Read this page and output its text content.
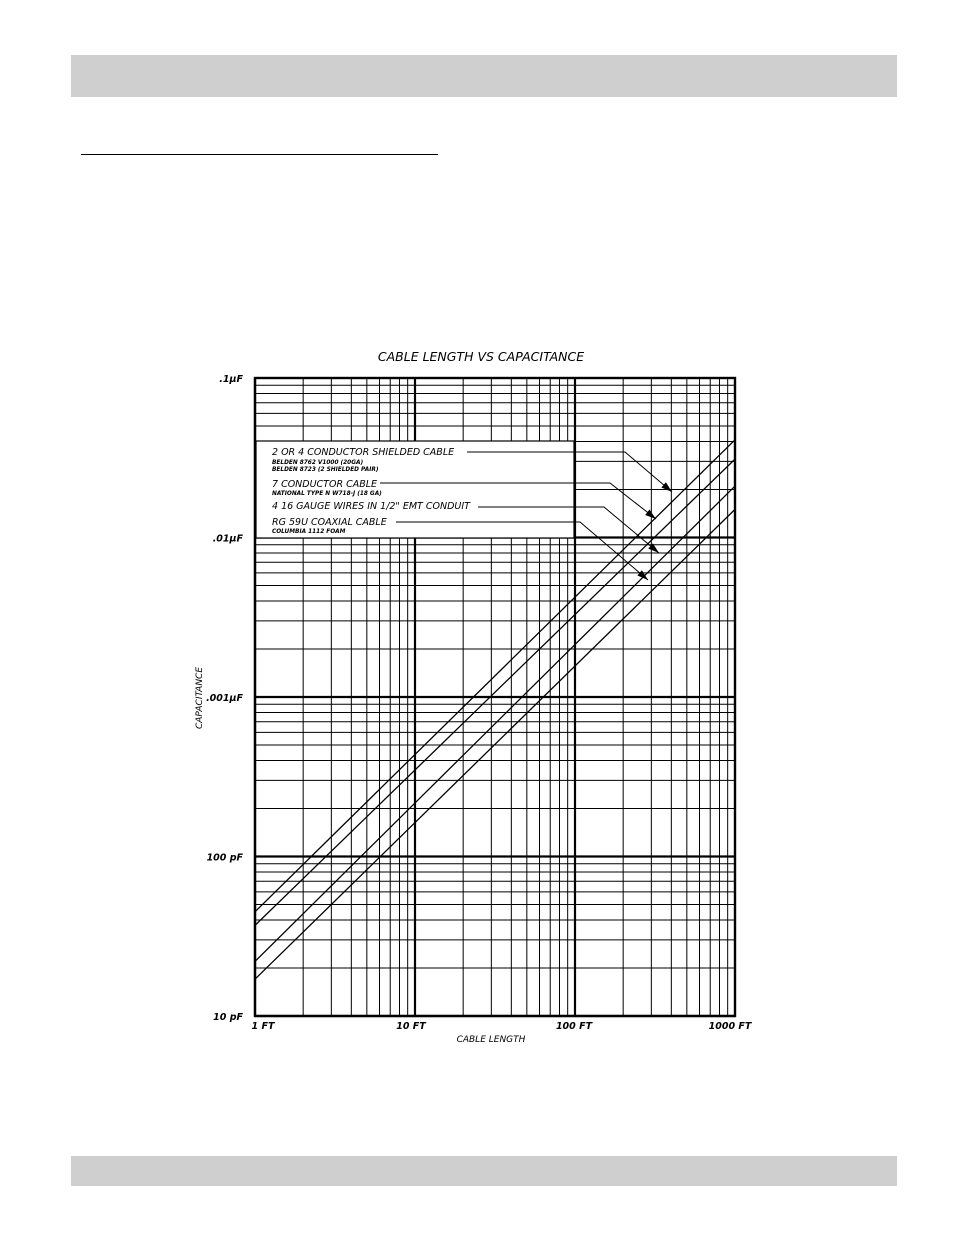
2 OR 4 CONDUCTOR SHIELDED CABLE
BELDEN 8762 V1000 (20GA)
BELDEN 8723 (2 SHIELDED PAIR)
7 CONDUCTOR CABLE
NATIONAL TYPE N W718-J (18 GA)
4 16 GAUGE WIRES IN 1/2" EMT CONDUIT
RG 59U COAXIAL CABLE
COLUMBIA 1112 FOAM
CABLE LENGTH VS CAPACITANCE
1 FT	10 FT	100 FT	1000 FT
CABLE LENGTH
10 pF
100 pF
.001µF
.01µF
.1µF
CAPACITANCE
